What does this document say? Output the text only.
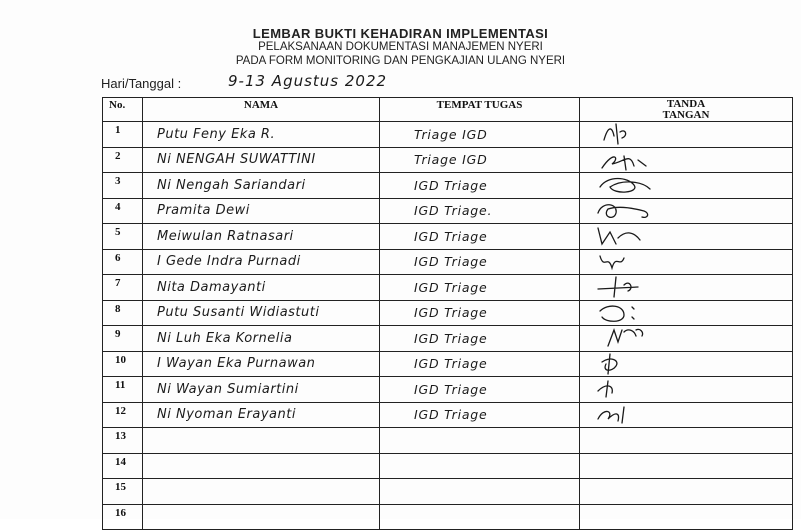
LEMBAR BUKTI KEHADIRAN IMPLEMENTASI
PELAKSANAAN DOKUMENTASI MANAJEMEN NYERI
PADA FORM MONITORING DAN PENGKAJIAN ULANG NYERI
Hari/Tanggal :	9-13 Agustus 2022
No.	NAMA	TEMPAT TUGAS	TANDA
TANGAN

1	Putu Feny Eka R.	Triage IGD	

2	Ni NENGAH SUWATTINI	Triage IGD	

3	Ni Nengah Sariandari	IGD Triage	

4	Pramita Dewi	IGD Triage.	

5	Meiwulan Ratnasari	IGD Triage	

6	I Gede Indra Purnadi	IGD Triage	

7	Nita Damayanti	IGD Triage	

8	Putu Susanti Widiastuti	IGD Triage	

9	Ni Luh Eka Kornelia	IGD Triage	

10	I Wayan Eka Purnawan	IGD Triage	

11	Ni Wayan Sumiartini	IGD Triage	

12	Ni Nyoman Erayanti	IGD Triage	

13			
14			
15			
16			
